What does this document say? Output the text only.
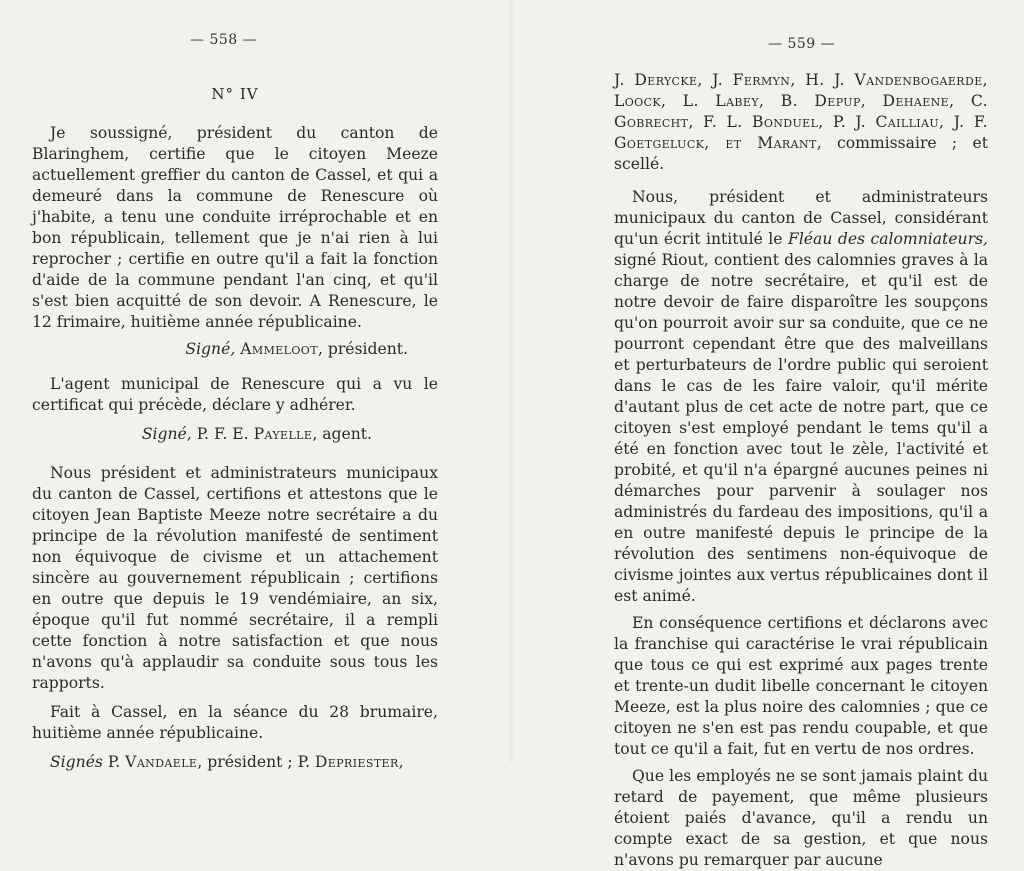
— 558 —

N° IV

Je soussigné, président du canton de Blaringhem, certifie que le citoyen Meeze actuellement greffier du canton de Cassel, et qui a demeuré dans la commune de Renescure où j'habite, a tenu une conduite irréprochable et en bon républicain, tellement que je n'ai rien à lui reprocher ; certifie en outre qu'il a fait la fonction d'aide de la commune pendant l'an cinq, et qu'il s'est bien acquitté de son devoir. A Renescure, le 12 frimaire, huitième année républicaine.

Signé, Ammeloot, président.

L'agent municipal de Renescure qui a vu le certificat qui précède, déclare y adhérer.

Signé, P. F. E. Payelle, agent.

Nous président et administrateurs municipaux du canton de Cassel, certifions et attestons que le citoyen Jean Baptiste Meeze notre secrétaire a du principe de la révolution manifesté de sentiment non équivoque de civisme et un attachement sincère au gouvernement républicain ; certifions en outre que depuis le 19 vendémiaire, an six, époque qu'il fut nommé secrétaire, il a rempli cette fonction à notre satisfaction et que nous n'avons qu'à applaudir sa conduite sous tous les rapports.

Fait à Cassel, en la séance du 28 brumaire, huitième année républicaine.

Signés P. Vandaele, président ; P. Depriester,

— 559 —

J. Derycke, J. Fermyn, H. J. Vandenbogaerde, Loock, L. Labey, B. Depup, Dehaene, C. Gobrecht, F. L. Bonduel, P. J. Cailliau, J. F. Goetgeluck, et Marant, commissaire ; et scellé.

Nous, président et administrateurs municipaux du canton de Cassel, considérant qu'un écrit intitulé le Fléau des calomniateurs, signé Riout, contient des calomnies graves à la charge de notre secrétaire, et qu'il est de notre devoir de faire disparoître les soupçons qu'on pourroit avoir sur sa conduite, que ce ne pourront cependant être que des malveillans et perturbateurs de l'ordre public qui seroient dans le cas de les faire valoir, qu'il mérite d'autant plus de cet acte de notre part, que ce citoyen s'est employé pendant le tems qu'il a été en fonction avec tout le zèle, l'activité et probité, et qu'il n'a épargné aucunes peines ni démarches pour parvenir à soulager nos administrés du fardeau des impositions, qu'il a en outre manifesté depuis le principe de la révolution des sentimens non-équivoque de civisme jointes aux vertus républicaines dont il est animé.

En conséquence certifions et déclarons avec la franchise qui caractérise le vrai républicain que tous ce qui est exprimé aux pages trente et trente-un dudit libelle concernant le citoyen Meeze, est la plus noire des calomnies ; que ce citoyen ne s'en est pas rendu coupable, et que tout ce qu'il a fait, fut en vertu de nos ordres.

Que les employés ne se sont jamais plaint du retard de payement, que même plusieurs étoient paiés d'avance, qu'il a rendu un compte exact de sa gestion, et que nous n'avons pu remarquer par aucune
